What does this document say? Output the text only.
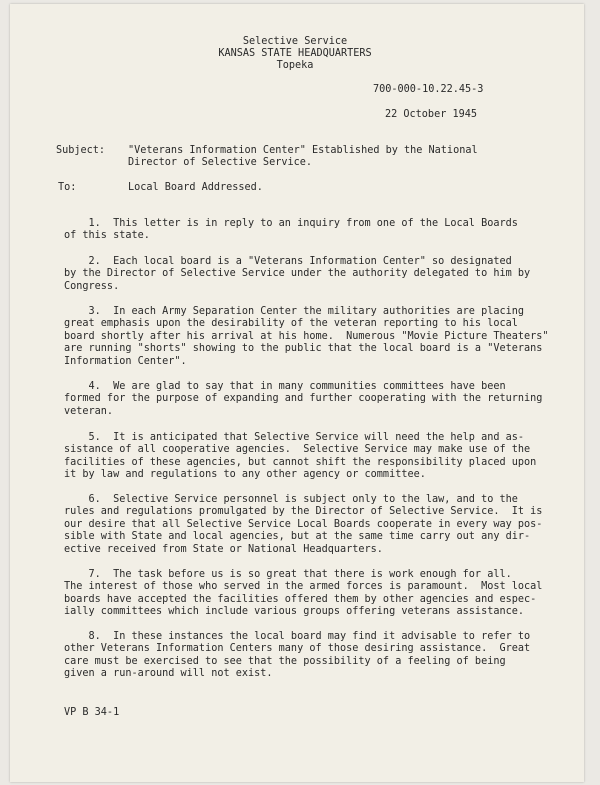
Selective Service
KANSAS STATE HEADQUARTERS
Topeka
700-000-10.22.45-3
22 October 1945
Subject: "Veterans Information Center" Established by the National
Director of Selective Service.
To:	Local Board Addressed.
1.  This letter is in reply to an inquiry from one of the Local Boards
of this state.
2.  Each local board is a "Veterans Information Center" so designated
by the Director of Selective Service under the authority delegated to him by
Congress.
3.  In each Army Separation Center the military authorities are placing
great emphasis upon the desirability of the veteran reporting to his local
board shortly after his arrival at his home.  Numerous "Movie Picture Theaters"
are running "shorts" showing to the public that the local board is a "Veterans
Information Center".
4.  We are glad to say that in many communities committees have been
formed for the purpose of expanding and further cooperating with the returning
veteran.
5.  It is anticipated that Selective Service will need the help and as-
sistance of all cooperative agencies.  Selective Service may make use of the
facilities of these agencies, but cannot shift the responsibility placed upon
it by law and regulations to any other agency or committee.
6.  Selective Service personnel is subject only to the law, and to the
rules and regulations promulgated by the Director of Selective Service.  It is
our desire that all Selective Service Local Boards cooperate in every way pos-
sible with State and local agencies, but at the same time carry out any dir-
ective received from State or National Headquarters.
7.  The task before us is so great that there is work enough for all.
The interest of those who served in the armed forces is paramount.  Most local
boards have accepted the facilities offered them by other agencies and espec-
ially committees which include various groups offering veterans assistance.
8.  In these instances the local board may find it advisable to refer to
other Veterans Information Centers many of those desiring assistance.  Great
care must be exercised to see that the possibility of a feeling of being
given a run-around will not exist.
VP B 34-1
